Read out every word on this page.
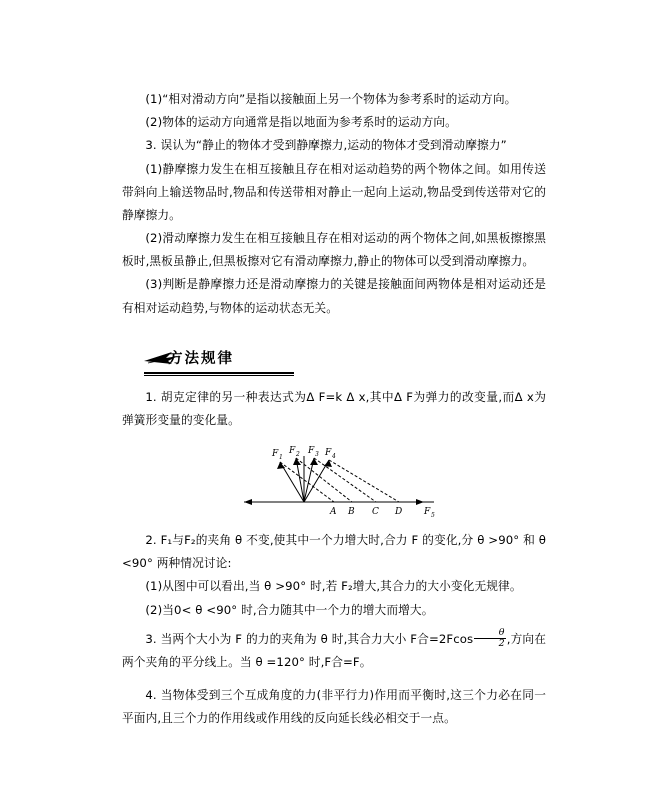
(1)“相对滑动方向”是指以接触面上另一个物体为参考系时的运动方向。

(2)物体的运动方向通常是指以地面为参考系时的运动方向。

3. 误认为“静止的物体才受到静摩擦力,运动的物体才受到滑动摩擦力”

(1)静摩擦力发生在相互接触且存在相对运动趋势的两个物体之间。如用传送带斜向上输送物品时,物品和传送带相对静止一起向上运动,物品受到传送带对它的静摩擦力。

(2)滑动摩擦力发生在相互接触且存在相对运动的两个物体之间,如黑板擦擦黑板时,黑板虽静止,但黑板擦对它有滑动摩擦力,静止的物体可以受到滑动摩擦力。

(3)判断是静摩擦力还是滑动摩擦力的关键是接触面间两物体是相对运动还是有相对运动趋势,与物体的运动状态无关。

方法规律

1. 胡克定律的另一种表达式为Δ F=k Δ x,其中Δ F为弹力的改变量,而Δ x为弹簧形变量的变化量。

F 1
F 2 F 3 F 4
A B C D F 5

2. F₁与F₂的夹角 θ 不变,使其中一个力增大时,合力 F 的变化,分 θ >90° 和 θ <90° 两种情况讨论:

(1)从图中可以看出,当 θ >90° 时,若 F₂增大,其合力的大小变化无规律。

(2)当0< θ <90° 时,合力随其中一个力的增大而增大。

3. 当两个大小为 F 的力的夹角为 θ 时,其合力大小 F合$=2Fcos \frac{\theta}{2}$ ,方向在两个夹角的平分线上。当 θ =120° 时,F合=F。

4. 当物体受到三个互成角度的力(非平行力)作用而平衡时,这三个力必在同一平面内,且三个力的作用线或作用线的反向延长线必相交于一点。
